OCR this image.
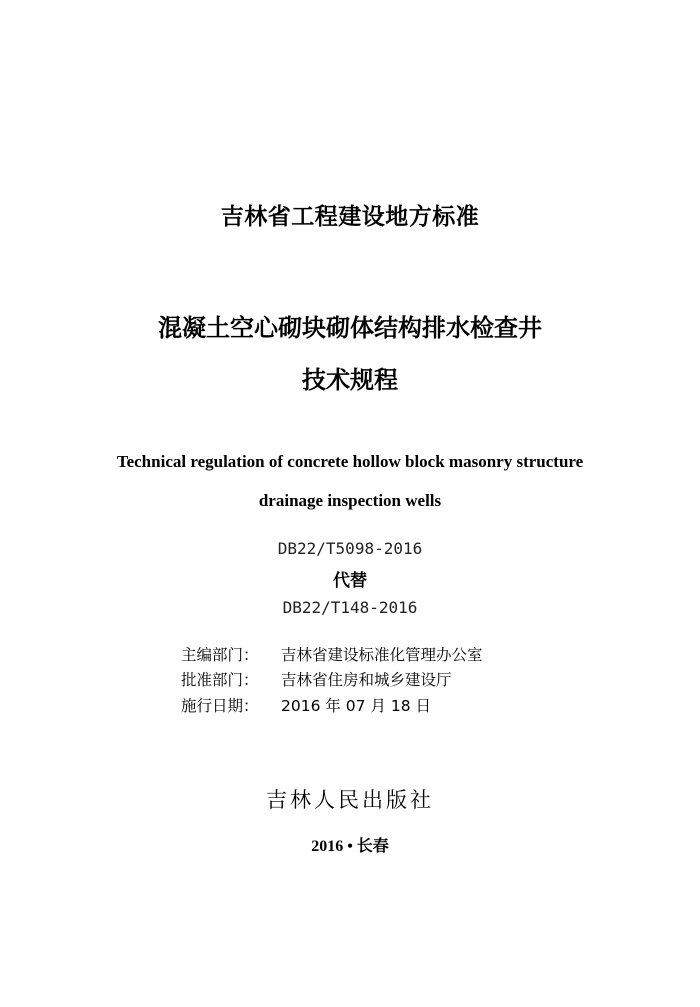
吉林省工程建设地方标准
混凝土空心砌块砌体结构排水检查井
技术规程
Technical regulation of concrete hollow block masonry structure
drainage inspection wells
DB22/T5098-2016
代替
DB22/T148-2016
主编部门： 吉林省建设标准化管理办公室
批准部门： 吉林省住房和城乡建设厅
施行日期： 2016 年 07 月 18 日
吉林人民出版社
2016 • 长春
